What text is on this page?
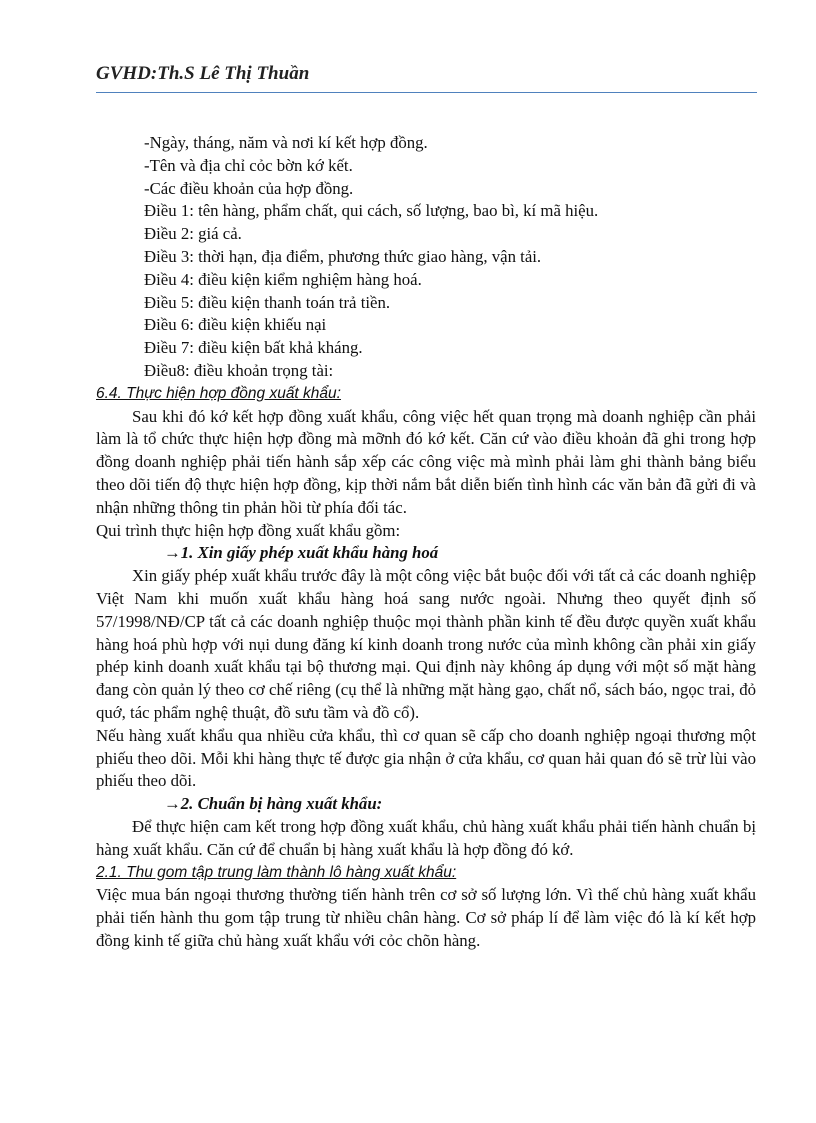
GVHD:Th.S Lê Thị Thuần

-Ngày, tháng, năm và nơi kí kết hợp đồng.

-Tên và địa chỉ cỏc bờn kớ kết.

-Các điều khoản của hợp đồng.

Điều 1: tên hàng, phẩm chất, qui cách, số lượng, bao bì, kí mã hiệu.

Điều 2: giá cả.

Điều 3: thời hạn, địa điểm, phương thức giao hàng, vận tải.

Điều 4: điều kiện kiểm nghiệm hàng hoá.

Điều 5: điều kiện thanh toán trả tiền.

Điều 6: điều kiện khiếu nại

Điều 7: điều kiện bất khả kháng.

Điều8: điều khoản trọng tài:

6.4. Thực hiện hợp đồng xuất khẩu:

Sau khi đó kớ kết hợp đồng xuất khẩu, công việc hết quan trọng mà doanh nghiệp cần phải làm là tổ chức thực hiện hợp đồng mà mỡnh đó kớ kết. Căn cứ vào điều khoản đã ghi trong hợp đồng doanh nghiệp phải tiến hành sắp xếp các công việc mà mình phải làm ghi thành bảng biểu theo dõi tiến độ thực hiện hợp đồng, kịp thời nắm bắt diễn biến tình hình các văn bản đã gửi đi và nhận những thông tin phản hồi từ phía đối tác.

Qui trình thực hiện hợp đồng xuất khẩu gồm:

→1. Xin giấy phép xuất khẩu hàng hoá

Xin giấy phép xuất khẩu trước đây là một công việc bắt buộc đối với tất cả các doanh nghiệp Việt Nam khi muốn xuất khẩu hàng hoá sang nước ngoài. Nhưng theo quyết định số 57/1998/NĐ/CP tất cả các doanh nghiệp thuộc mọi thành phần kinh tế đều được quyền xuất khẩu hàng hoá phù hợp với nụi dung đăng kí kinh doanh trong nước của mình không cần phải xin giấy phép kinh doanh xuất khẩu tại bộ thương mại. Qui định này không áp dụng với một số mặt hàng đang còn quản lý theo cơ chế riêng (cụ thể là những mặt hàng gạo, chất nổ, sách báo, ngọc trai, đỏ quớ, tác phẩm nghệ thuật, đồ sưu tầm và đồ cổ).

Nếu hàng xuất khẩu qua nhiều cửa khẩu, thì cơ quan sẽ cấp cho doanh nghiệp ngoại thương một phiếu theo dõi. Mỗi khi hàng thực tế được gia nhận ở cửa khẩu, cơ quan hải quan đó sẽ trừ lùi vào phiếu theo dõi.

→2. Chuẩn bị hàng xuất khẩu:

Để thực hiện cam kết trong hợp đồng xuất khẩu, chủ hàng xuất khẩu phải tiến hành chuẩn bị hàng xuất khẩu. Căn cứ để chuẩn bị hàng xuất khẩu là hợp đồng đó kớ.

2.1. Thu gom tập trung làm thành lô hàng xuất khẩu:

Việc mua bán ngoại thương thường tiến hành trên cơ sở số lượng lớn. Vì thế chủ hàng xuất khẩu phải tiến hành thu gom tập trung từ nhiều chân hàng. Cơ sở pháp lí để làm việc đó là kí kết hợp đồng kinh tế giữa chủ hàng xuất khẩu với cỏc chõn hàng.
